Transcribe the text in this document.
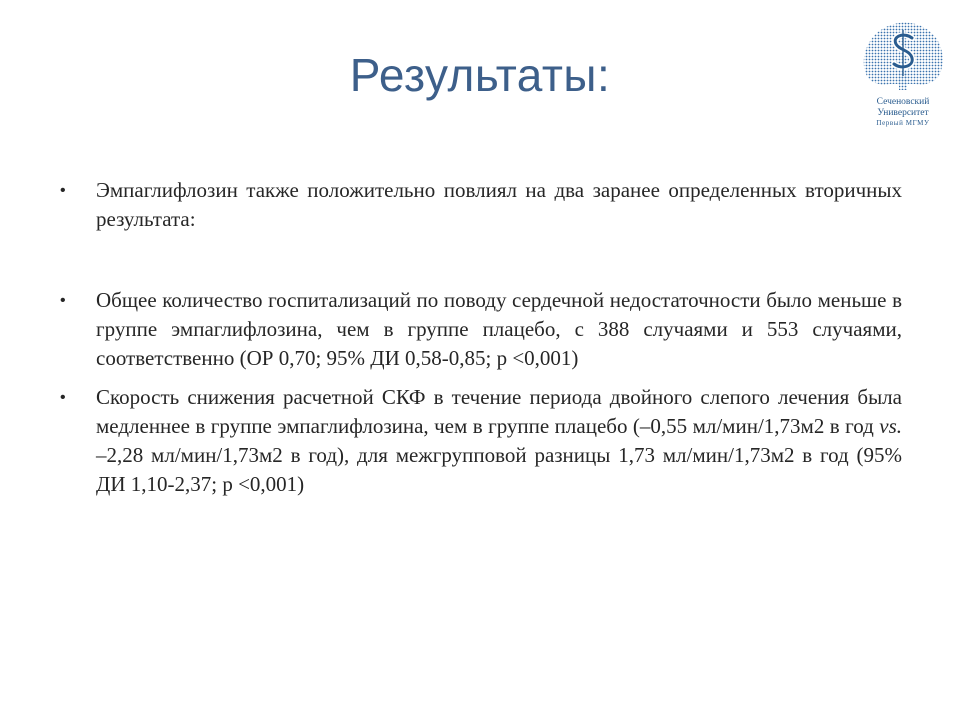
Результаты:
Сеченовский
Университет
Первый МГМУ
• Эмпаглифлозин также положительно повлиял на два заранее определенных вторичных результата:
• Общее количество госпитализаций по поводу сердечной недостаточности было меньше в группе эмпаглифлозина, чем в группе плацебо, с 388 случаями и 553 случаями, соответственно (ОР 0,70; 95% ДИ 0,58-0,85; p <0,001)
• Скорость снижения расчетной СКФ в течение периода двойного слепого лечения была медленнее в группе эмпаглифлозина, чем в группе плацебо (–0,55 мл/мин/1,73м2 в год vs. –2,28 мл/мин/1,73м2 в год), для межгрупповой разницы 1,73 мл/мин/1,73м2 в год (95% ДИ 1,10-2,37; p <0,001)
